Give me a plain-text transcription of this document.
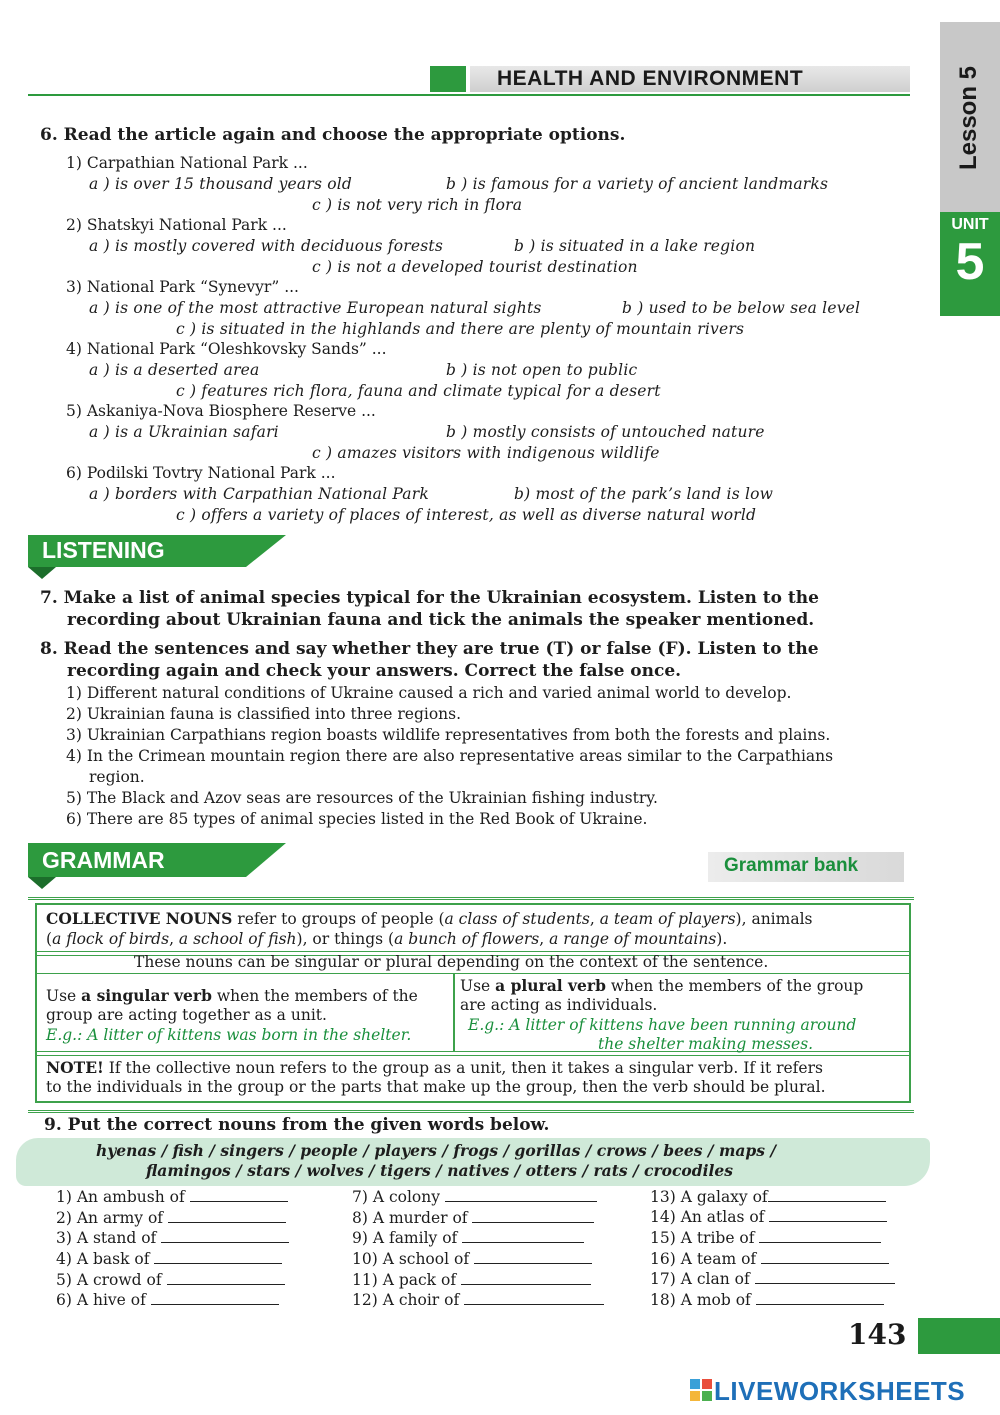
HEALTH AND ENVIRONMENT	Lesson 5
UNIT
5
6. Read the article again and choose the appropriate options.
1) Carpathian National Park ...
a ) is over 15 thousand years old	b ) is famous for a variety of ancient landmarks
c ) is not very rich in flora
2) Shatskyi National Park ...
a ) is mostly covered with deciduous forests	b ) is situated in a lake region
c ) is not a developed tourist destination
3) National Park “Synevyr” ...
a ) is one of the most attractive European natural sights	b ) used to be below sea level
c ) is situated in the highlands and there are plenty of mountain rivers
4) National Park “Oleshkovsky Sands” ...
a ) is a deserted area	b ) is not open to public
c ) features rich flora, fauna and climate typical for a desert
5) Askaniya-Nova Biosphere Reserve ...
a ) is a Ukrainian safari	b ) mostly consists of untouched nature
c ) amazes visitors with indigenous wildlife
6) Podilski Tovtry National Park ...
a ) borders with Carpathian National Park	b) most of the park’s land is low
c ) offers a variety of places of interest, as well as diverse natural world
LISTENING
7. Make a list of animal species typical for the Ukrainian ecosystem. Listen to the
recording about Ukrainian fauna and tick the animals the speaker mentioned.
8. Read the sentences and say whether they are true (T) or false (F). Listen to the
recording again and check your answers. Correct the false once.
1) Different natural conditions of Ukraine caused a rich and varied animal world to develop.
2) Ukrainian fauna is classified into three regions.
3) Ukrainian Carpathians region boasts wildlife representatives from both the forests and plains.
4) In the Crimean mountain region there are also representative areas similar to the Carpathians
region.
5) The Black and Azov seas are resources of the Ukrainian fishing industry.
6) There are 85 types of animal species listed in the Red Book of Ukraine.
GRAMMAR	Grammar bank
COLLECTIVE NOUNS refer to groups of people (a class of students, a team of players), animals
(a flock of birds, a school of fish), or things (a bunch of flowers, a range of mountains).
These nouns can be singular or plural depending on the context of the sentence.
Use a singular verb when the members of the
group are acting together as a unit.
E.g.: A litter of kittens was born in the shelter.
Use a plural verb when the members of the group
are acting as individuals.
E.g.: A litter of kittens have been running around
the shelter making messes.
NOTE! If the collective noun refers to the group as a unit, then it takes a singular verb. If it refers
to the individuals in the group or the parts that make up the group, then the verb should be plural.
9. Put the correct nouns from the given words below.
hyenas / fish / singers / people / players / frogs / gorillas / crows / bees / maps /
flamingos / stars / wolves / tigers / natives / otters / rats / crocodiles
1) An ambush of
2) An army of
3) A stand of
4) A bask of
5) A crowd of
6) A hive of
7) A colony
8) A murder of
9) A family of
10) A school of
11) A pack of
12) A choir of
13) A galaxy of
14) An atlas of
15) A tribe of
16) A team of
17) A clan of
18) A mob of
143
LIVEWORKSHEETS
